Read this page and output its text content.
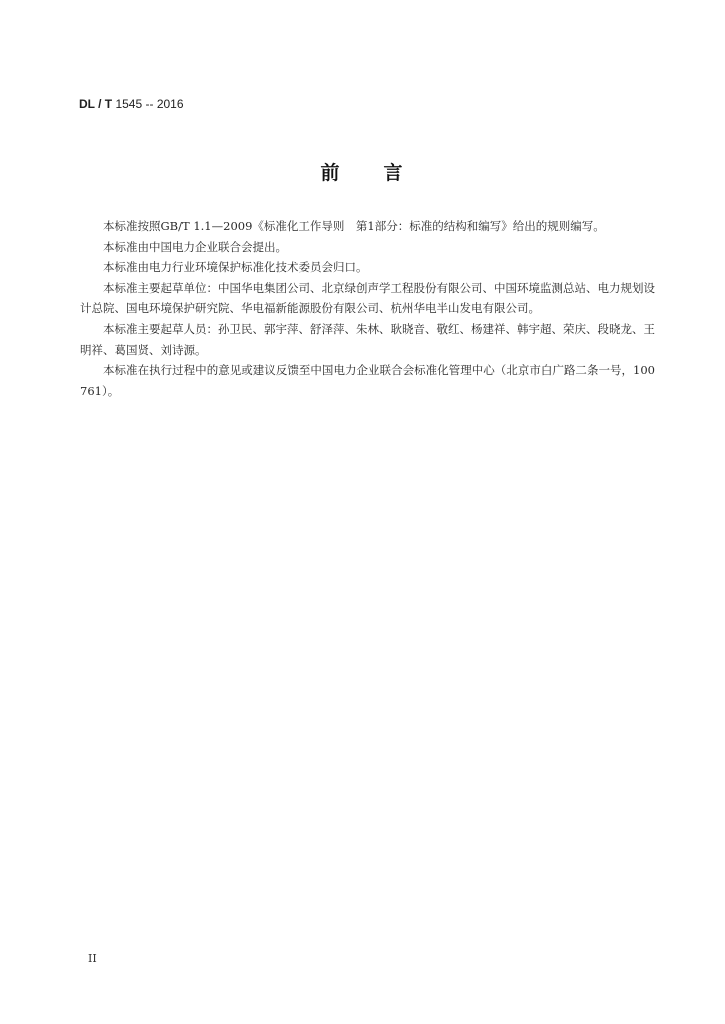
DL / T 1545 -- 2016
前 言

本标准按照GB/T 1.1—2009《标准化工作导则　第1部分：标准的结构和编写》给出的规则编写。

本标准由中国电力企业联合会提出。

本标准由电力行业环境保护标准化技术委员会归口。

本标准主要起草单位：中国华电集团公司、北京绿创声学工程股份有限公司、中国环境监测总站、电力规划设计总院、国电环境保护研究院、华电福新能源股份有限公司、杭州华电半山发电有限公司。

本标准主要起草人员：孙卫民、郭宇萍、舒泽萍、朱林、耿晓音、敬红、杨建祥、韩宇超、荣庆、段晓龙、王明祥、葛国贤、刘诗源。

本标准在执行过程中的意见或建议反馈至中国电力企业联合会标准化管理中心（北京市白广路二条一号，100761）。

II
